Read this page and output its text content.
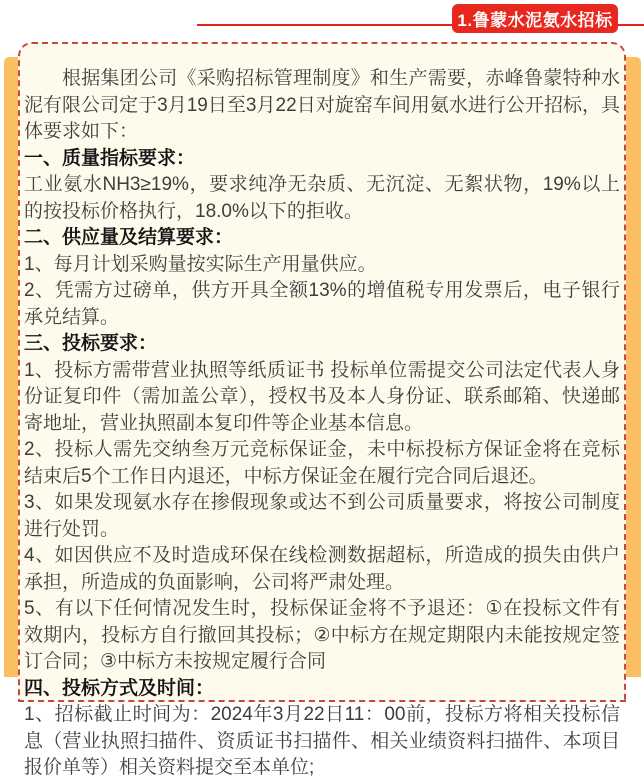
1.鲁蒙水泥氨水招标

根据集团公司《采购招标管理制度》和生产需要，赤峰鲁蒙特种水泥有限公司定于3月19日至3月22日对旋窑车间用氨水进行公开招标，具体要求如下：

一、质量指标要求：

工业氨水NH3≥19%，要求纯净无杂质、无沉淀、无絮状物，19%以上的按投标价格执行，18.0%以下的拒收。

二、供应量及结算要求：

1、每月计划采购量按实际生产用量供应。

2、凭需方过磅单，供方开具全额13%的增值税专用发票后，电子银行承兑结算。

三、投标要求：

1、投标方需带营业执照等纸质证书 投标单位需提交公司法定代表人身份证复印件（需加盖公章），授权书及本人身份证、联系邮箱、快递邮寄地址，营业执照副本复印件等企业基本信息。

2、投标人需先交纳叁万元竞标保证金，未中标投标方保证金将在竞标结束后5个工作日内退还，中标方保证金在履行完合同后退还。

3、如果发现氨水存在掺假现象或达不到公司质量要求，将按公司制度进行处罚。

4、如因供应不及时造成环保在线检测数据超标，所造成的损失由供户承担，所造成的负面影响，公司将严肃处理。

5、有以下任何情况发生时，投标保证金将不予退还：①在投标文件有效期内，投标方自行撤回其投标；②中标方在规定期限内未能按规定签订合同；③中标方未按规定履行合同

四、投标方式及时间：

1、招标截止时间为：2024年3月22日11：00前，投标方将相关投标信息（营业执照扫描件、资质证书扫描件、相关业绩资料扫描件、本项目报价单等）相关资料提交至本单位;
